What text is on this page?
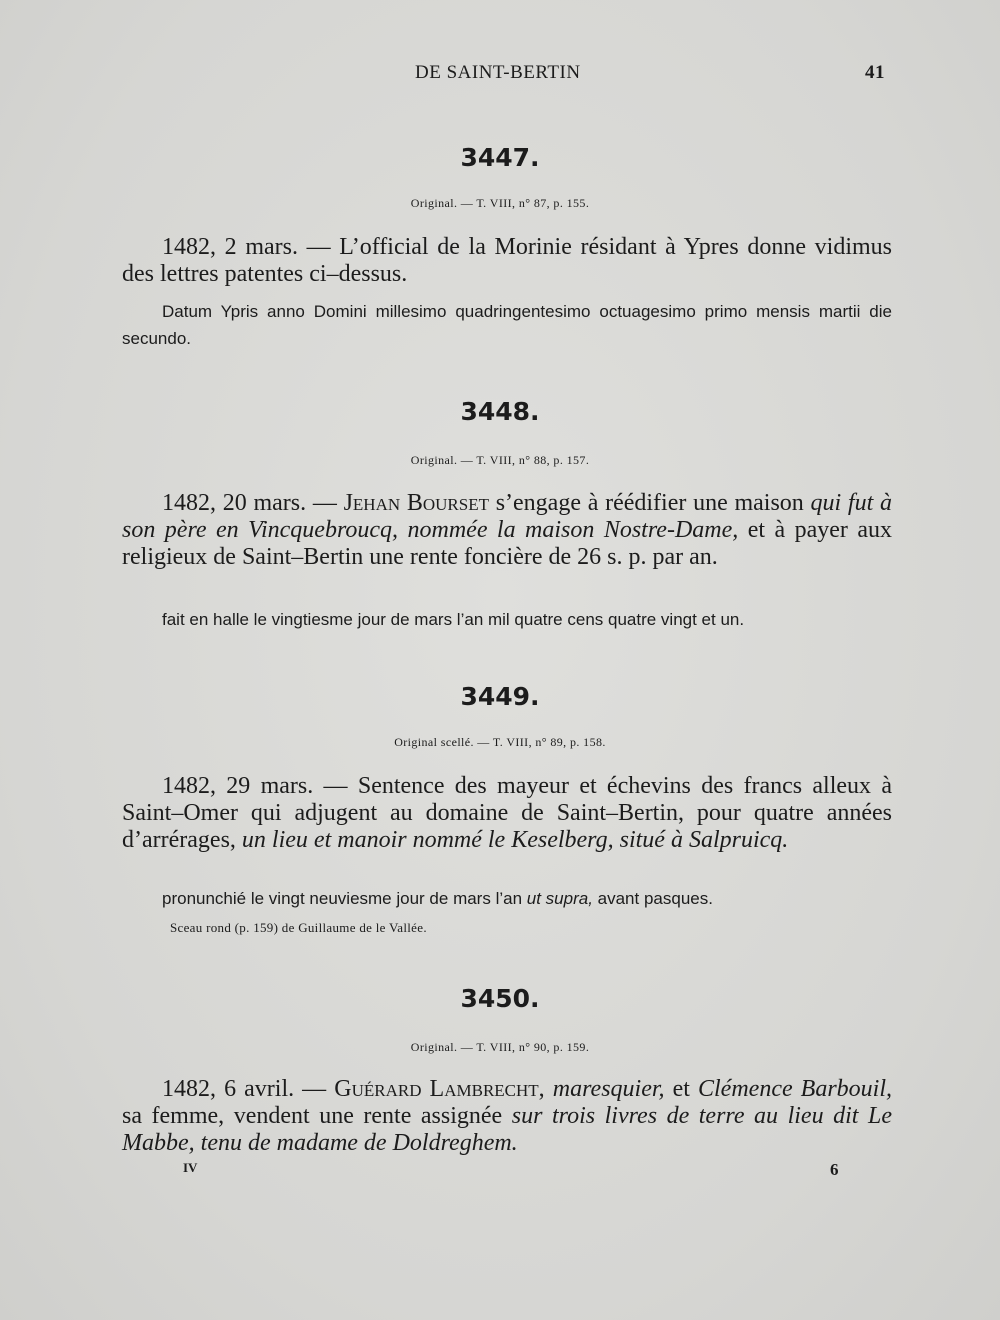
DE SAINT-BERTIN	41
3447.
Original. — T. VIII, n° 87, p. 155.

1482, 2 mars. — L’official de la Morinie résidant à Ypres donne vidimus des lettres patentes ci–dessus.

Datum Ypris anno Domini millesimo quadringentesimo octuagesimo primo mensis martii die secundo.

3448.
Original. — T. VIII, n° 88, p. 157.

1482, 20 mars. — Jehan Bourset s’engage à réédifier une maison qui fut à son père en Vincquebroucq, nommée la maison Nostre-Dame, et à payer aux religieux de Saint–Bertin une rente foncière de 26 s. p. par an.

fait en halle le vingtiesme jour de mars l’an mil quatre cens quatre vingt et un.

3449.
Original scellé. — T. VIII, n° 89, p. 158.

1482, 29 mars. — Sentence des mayeur et échevins des francs alleux à Saint–Omer qui adjugent au domaine de Saint–Bertin, pour quatre années d’arrérages, un lieu et manoir nommé le Keselberg, situé à Salpruicq.

pronunchié le vingt neuviesme jour de mars l’an ut supra, avant pasques.

Sceau rond (p. 159) de Guillaume de le Vallée.
3450.
Original. — T. VIII, n° 90, p. 159.

1482, 6 avril. — Guérard Lambrecht, maresquier, et Clémence Barbouil, sa femme, vendent une rente assignée sur trois livres de terre au lieu dit Le Mabbe, tenu de madame de Doldreghem.

IV	6
